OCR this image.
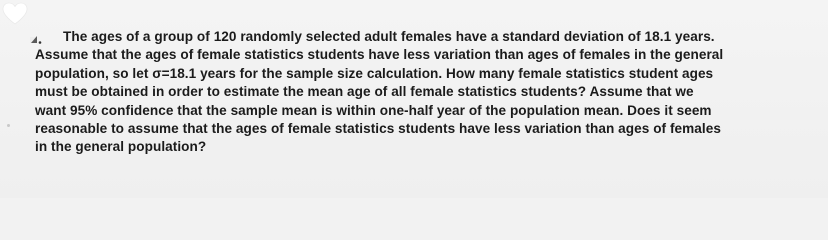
The ages of a group of 120 randomly selected adult females have a standard deviation of 18.1 years.
Assume that the ages of female statistics students have less variation than ages of females in the general
population, so let σ=18.1 years for the sample size calculation. How many female statistics student ages
must be obtained in order to estimate the mean age of all female statistics students? Assume that we
want 95% confidence that the sample mean is within one-half year of the population mean. Does it seem
reasonable to assume that the ages of female statistics students have less variation than ages of females
in the general population?
